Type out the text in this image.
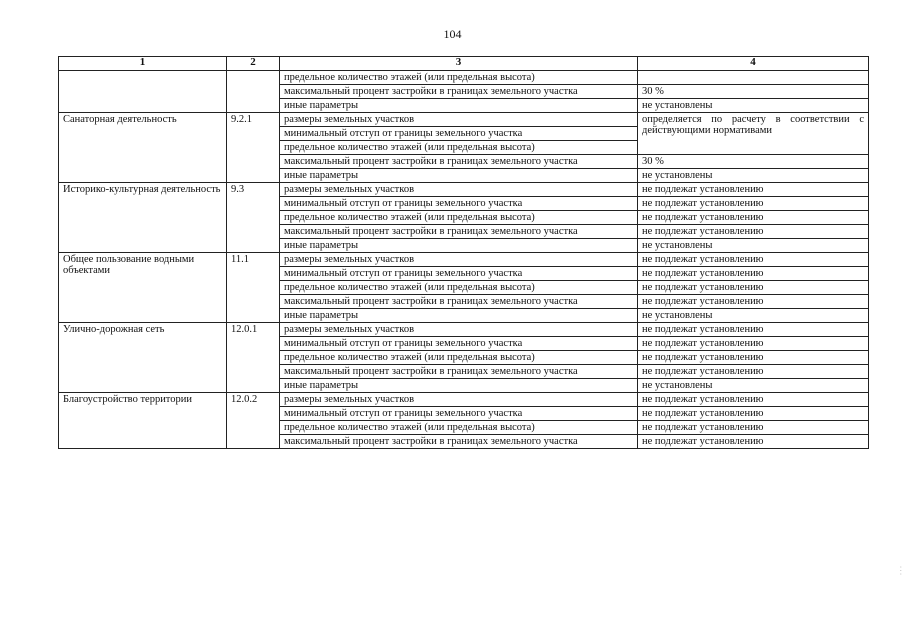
104
1	2	3	4
		предельное количество этажей (или предельная высота)	
		максимальный процент застройки в границах земельного участка	30 %
		иные параметры	не установлены
Санаторная деятельность	9.2.1	размеры земельных участков	определяется по расчету в соответствии с действующими нормативами
		минимальный отступ от границы земельного участка	
		предельное количество этажей (или предельная высота)	
		максимальный процент застройки в границах земельного участка	30 %
		иные параметры	не установлены
Историко-культурная деятельность	9.3	размеры земельных участков	не подлежат установлению
		минимальный отступ от границы земельного участка	не подлежат установлению
		предельное количество этажей (или предельная высота)	не подлежат установлению
		максимальный процент застройки в границах земельного участка	не подлежат установлению
		иные параметры	не установлены
Общее пользование водными объектами	11.1	размеры земельных участков	не подлежат установлению
		минимальный отступ от границы земельного участка	не подлежат установлению
		предельное количество этажей (или предельная высота)	не подлежат установлению
		максимальный процент застройки в границах земельного участка	не подлежат установлению
		иные параметры	не установлены
Улично-дорожная сеть	12.0.1	размеры земельных участков	не подлежат установлению
		минимальный отступ от границы земельного участка	не подлежат установлению
		предельное количество этажей (или предельная высота)	не подлежат установлению
		максимальный процент застройки в границах земельного участка	не подлежат установлению
		иные параметры	не установлены
Благоустройство территории	12.0.2	размеры земельных участков	не подлежат установлению
		минимальный отступ от границы земельного участка	не подлежат установлению
		предельное количество этажей (или предельная высота)	не подлежат установлению
		максимальный процент застройки в границах земельного участка	не подлежат установлению
· · ·
